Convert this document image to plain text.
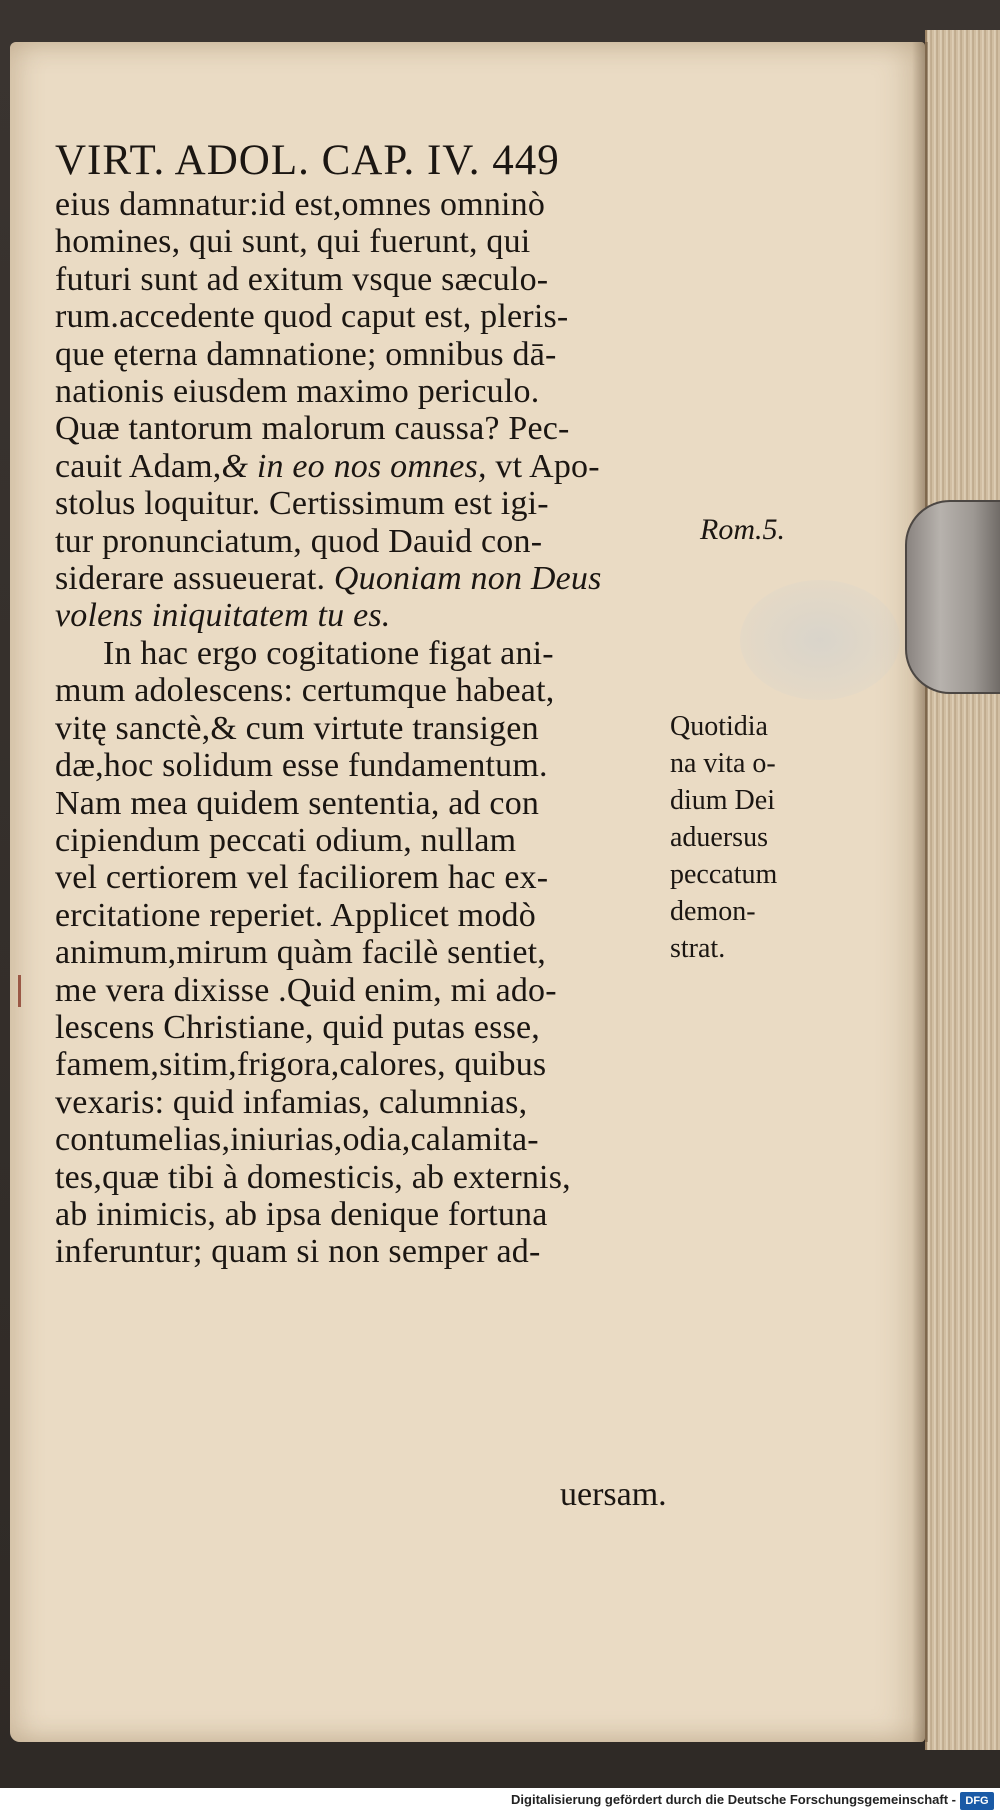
VIRT. ADOL. CAP. IV. 449
eius damnatur:id est,omnes omninò
homines, qui sunt, qui fuerunt, qui
futuri sunt ad exitum vsque sæculo-
rum.accedente quod caput est, pleris-
que ęterna damnatione; omnibus dā-
nationis eiusdem maximo periculo.
Quæ tantorum malorum caussa? Pec-
cauit Adam,& in eo nos omnes, vt Apo-
stolus loquitur. Certissimum est igi-
tur pronunciatum, quod Dauid con-
siderare assueuerat. Quoniam non Deus
volens iniquitatem tu es.
In hac ergo cogitatione figat ani-
mum adolescens: certumque habeat,
vitę sanctè,& cum virtute transigen
dæ,hoc solidum esse fundamentum.
Nam mea quidem sententia, ad con
cipiendum peccati odium, nullam
vel certiorem vel faciliorem hac ex-
ercitatione reperiet. Applicet modò
animum,mirum quàm facilè sentiet,
me vera dixisse .Quid enim, mi ado-
lescens Christiane, quid putas esse,
famem,sitim,frigora,calores, quibus
vexaris: quid infamias, calumnias,
contumelias,iniurias,odia,calamita-
tes,quæ tibi à domesticis, ab externis,
ab inimicis, ab ipsa denique fortuna
inferuntur; quam si non semper ad-
Rom.5.
Quotidia
na vita o-
dium Dei
aduersus
peccatum
demon-
strat.
uersam.
Digitalisierung gefördert durch die Deutsche Forschungsgemeinschaft - DFG
